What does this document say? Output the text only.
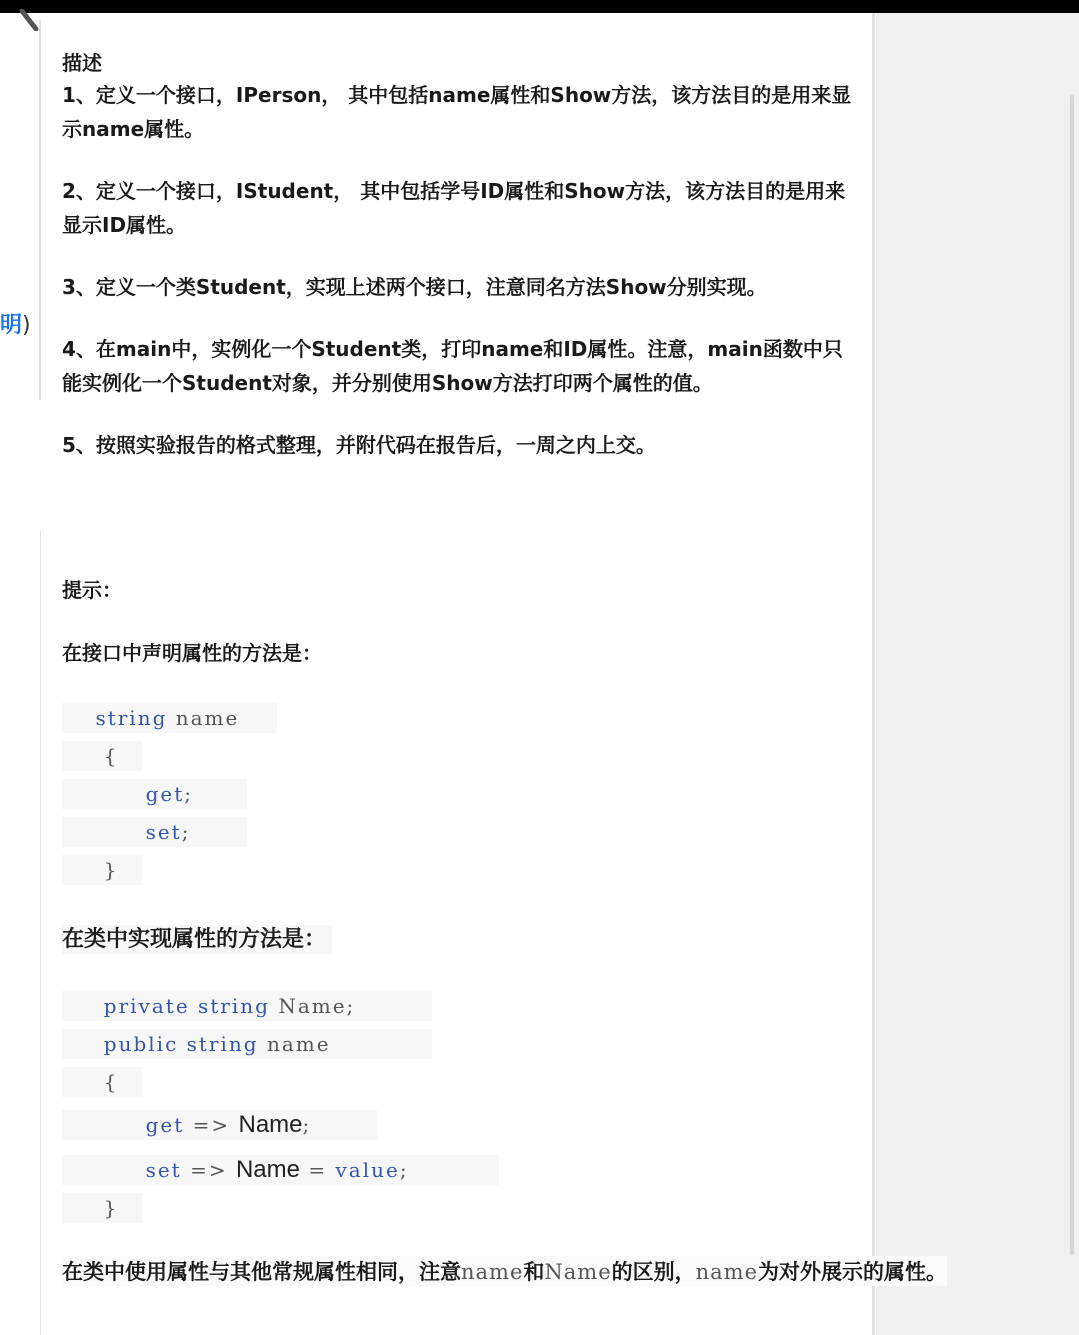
明)

描述

1、定义一个接口，IPerson， 其中包括name属性和Show方法，该方法目的是用来显示name属性。

2、定义一个接口，IStudent， 其中包括学号ID属性和Show方法，该方法目的是用来显示ID属性。

3、定义一个类Student，实现上述两个接口，注意同名方法Show分别实现。

4、在main中，实例化一个Student类，打印name和ID属性。注意，main函数中只能实例化一个Student对象，并分别使用Show方法打印两个属性的值。

5、按照实验报告的格式整理，并附代码在报告后，一周之内上交。

提示：
在接口中声明属性的方法是：
string name
{
get;
set;
}
在类中实现属性的方法是：
private string Name;
public string name
{
get => Name;
set => Name = value;
}
在类中使用属性与其他常规属性相同，注意name和Name的区别，name为对外展示的属性。
